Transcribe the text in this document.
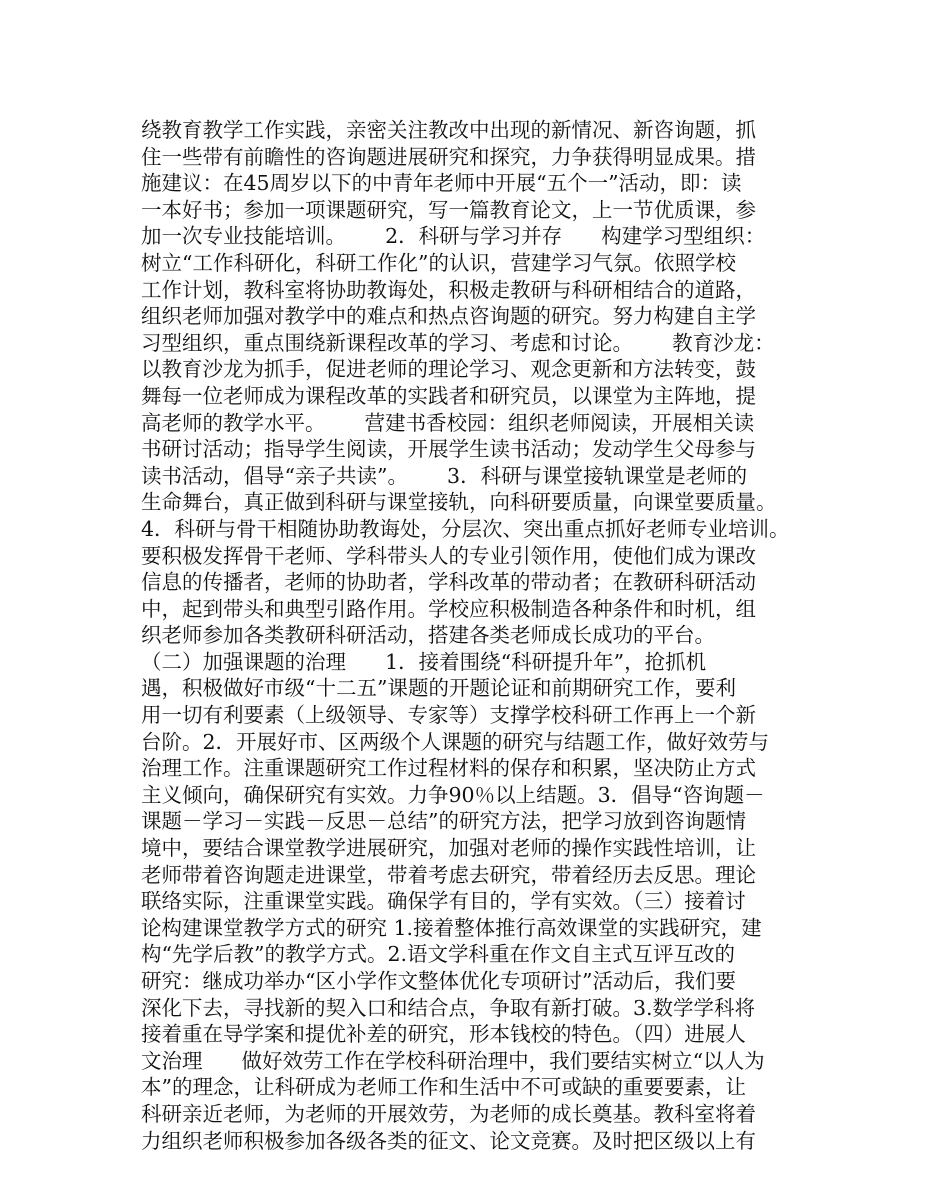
绕教育教学工作实践，亲密关注教改中出现的新情况、新咨询题，抓
住一些带有前瞻性的咨询题进展研究和探究，力争获得明显成果。措
施建议：在45周岁以下的中青年老师中开展“五个一”活动，即：读
一本好书；参加一项课题研究，写一篇教育论文，上一节优质课，参
加一次专业技能培训。      2．科研与学习并存      构建学习型组织：
树立“工作科研化，科研工作化”的认识，营建学习气氛。依照学校
工作计划，教科室将协助教诲处，积极走教研与科研相结合的道路，
组织老师加强对教学中的难点和热点咨询题的研究。努力构建自主学
习型组织，重点围绕新课程改革的学习、考虑和讨论。      教育沙龙：
以教育沙龙为抓手，促进老师的理论学习、观念更新和方法转变，鼓
舞每一位老师成为课程改革的实践者和研究员，以课堂为主阵地，提
高老师的教学水平。      营建书香校园：组织老师阅读，开展相关读
书研讨活动；指导学生阅读，开展学生读书活动；发动学生父母参与
读书活动，倡导“亲子共读”。      3．科研与课堂接轨课堂是老师的
生命舞台，真正做到科研与课堂接轨，向科研要质量，向课堂要质量。
4．科研与骨干相随协助教诲处，分层次、突出重点抓好老师专业培训。
要积极发挥骨干老师、学科带头人的专业引领作用，使他们成为课改
信息的传播者，老师的协助者，学科改革的带动者；在教研科研活动
中，起到带头和典型引路作用。学校应积极制造各种条件和时机，组
织老师参加各类教研科研活动，搭建各类老师成长成功的平台。
（二）加强课题的治理      1．接着围绕“科研提升年”，抢抓机
遇，积极做好市级“十二五”课题的开题论证和前期研究工作，要利
用一切有利要素（上级领导、专家等）支撑学校科研工作再上一个新
台阶。2．开展好市、区两级个人课题的研究与结题工作，做好效劳与
治理工作。注重课题研究工作过程材料的保存和积累，坚决防止方式
主义倾向，确保研究有实效。力争90％以上结题。3．倡导“咨询题－
课题－学习－实践－反思－总结”的研究方法，把学习放到咨询题情
境中，要结合课堂教学进展研究，加强对老师的操作实践性培训，让
老师带着咨询题走进课堂，带着考虑去研究，带着经历去反思。理论
联络实际，注重课堂实践。确保学有目的，学有实效。（三）接着讨
论构建课堂教学方式的研究 1.接着整体推行高效课堂的实践研究，建
构“先学后教”的教学方式。2.语文学科重在作文自主式互评互改的
研究：继成功举办“区小学作文整体优化专项研讨”活动后，我们要
深化下去，寻找新的契入口和结合点，争取有新打破。3.数学学科将
接着重在导学案和提优补差的研究，形本钱校的特色。（四）进展人
文治理      做好效劳工作在学校科研治理中，我们要结实树立“以人为
本”的理念，让科研成为老师工作和生活中不可或缺的重要要素，让
科研亲近老师，为老师的开展效劳，为老师的成长奠基。教科室将着
力组织老师积极参加各级各类的征文、论文竞赛。及时把区级以上有
